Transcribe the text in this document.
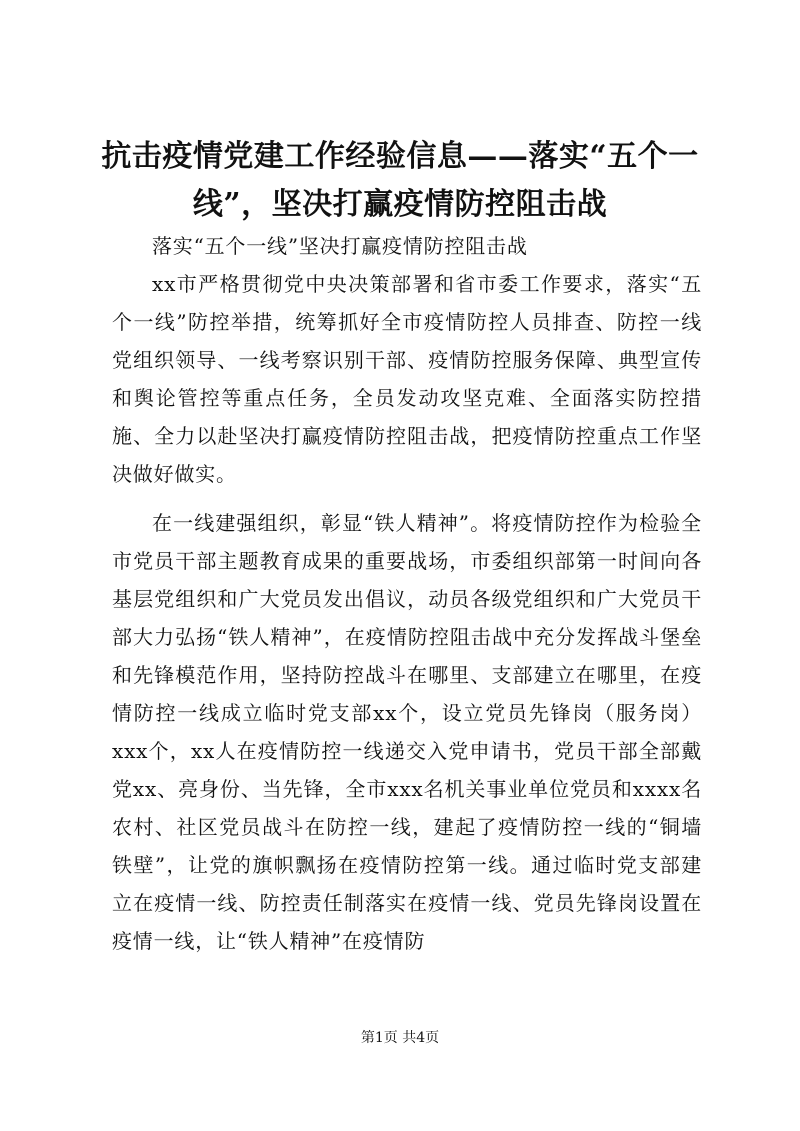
抗击疫情党建工作经验信息——落实“五个一线”，坚决打赢疫情防控阻击战

落实“五个一线”坚决打赢疫情防控阻击战

xx市严格贯彻党中央决策部署和省市委工作要求，落实“五个一线”防控举措，统筹抓好全市疫情防控人员排查、防控一线党组织领导、一线考察识别干部、疫情防控服务保障、典型宣传和舆论管控等重点任务，全员发动攻坚克难、全面落实防控措施、全力以赴坚决打赢疫情防控阻击战，把疫情防控重点工作坚决做好做实。

在一线建强组织，彰显“铁人精神”。将疫情防控作为检验全市党员干部主题教育成果的重要战场，市委组织部第一时间向各基层党组织和广大党员发出倡议，动员各级党组织和广大党员干部大力弘扬“铁人精神”，在疫情防控阻击战中充分发挥战斗堡垒和先锋模范作用，坚持防控战斗在哪里、支部建立在哪里，在疫情防控一线成立临时党支部xx个，设立党员先锋岗（服务岗）xxx个，xx人在疫情防控一线递交入党申请书，党员干部全部戴党xx、亮身份、当先锋，全市xxx名机关事业单位党员和xxxx名农村、社区党员战斗在防控一线，建起了疫情防控一线的“铜墙铁壁”，让党的旗帜飘扬在疫情防控第一线。通过临时党支部建立在疫情一线、防控责任制落实在疫情一线、党员先锋岗设置在疫情一线，让“铁人精神”在疫情防

第1页 共4页
